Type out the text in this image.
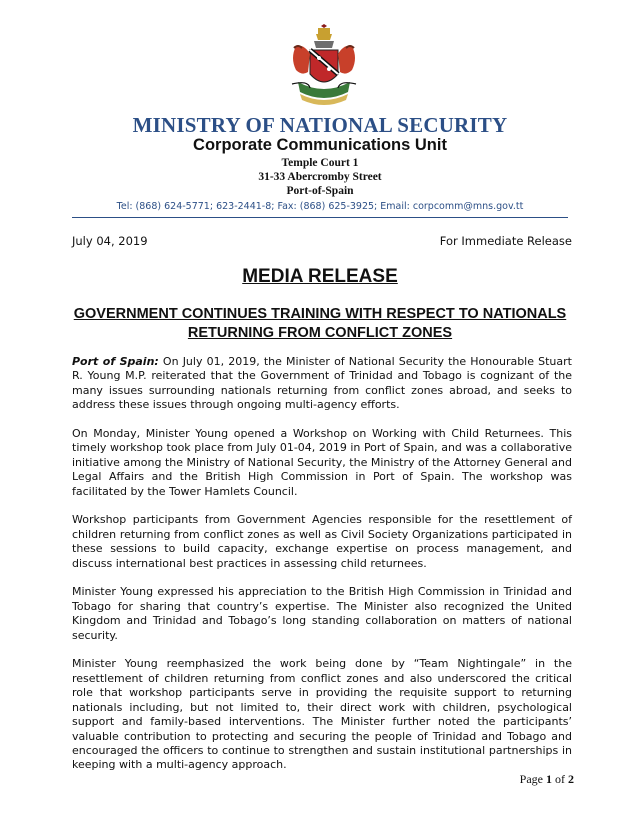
MINISTRY OF NATIONAL SECURITY
Corporate Communications Unit
Temple Court 1
31-33 Abercromby Street
Port-of-Spain
Tel: (868) 624-5771; 623-2441-8; Fax: (868) 625-3925; Email: corpcomm@mns.gov.tt
July 04, 2019	For Immediate Release
MEDIA RELEASE
GOVERNMENT CONTINUES TRAINING WITH RESPECT TO NATIONALS RETURNING FROM CONFLICT ZONES

Port of Spain: On July 01, 2019, the Minister of National Security the Honourable Stuart R. Young M.P. reiterated that the Government of Trinidad and Tobago is cognizant of the many issues surrounding nationals returning from conflict zones abroad, and seeks to address these issues through ongoing multi-agency efforts.

On Monday, Minister Young opened a Workshop on Working with Child Returnees. This timely workshop took place from July 01-04, 2019 in Port of Spain, and was a collaborative initiative among the Ministry of National Security, the Ministry of the Attorney General and Legal Affairs and the British High Commission in Port of Spain. The workshop was facilitated by the Tower Hamlets Council.

Workshop participants from Government Agencies responsible for the resettlement of children returning from conflict zones as well as Civil Society Organizations participated in these sessions to build capacity, exchange expertise on process management, and discuss international best practices in assessing child returnees.

Minister Young expressed his appreciation to the British High Commission in Trinidad and Tobago for sharing that country’s expertise. The Minister also recognized the United Kingdom and Trinidad and Tobago’s long standing collaboration on matters of national security.

Minister Young reemphasized the work being done by “Team Nightingale” in the resettlement of children returning from conflict zones and also underscored the critical role that workshop participants serve in providing the requisite support to returning nationals including, but not limited to, their direct work with children, psychological support and family-based interventions. The Minister further noted the participants’ valuable contribution to protecting and securing the people of Trinidad and Tobago and encouraged the officers to continue to strengthen and sustain institutional partnerships in keeping with a multi-agency approach.

Page 1 of 2
